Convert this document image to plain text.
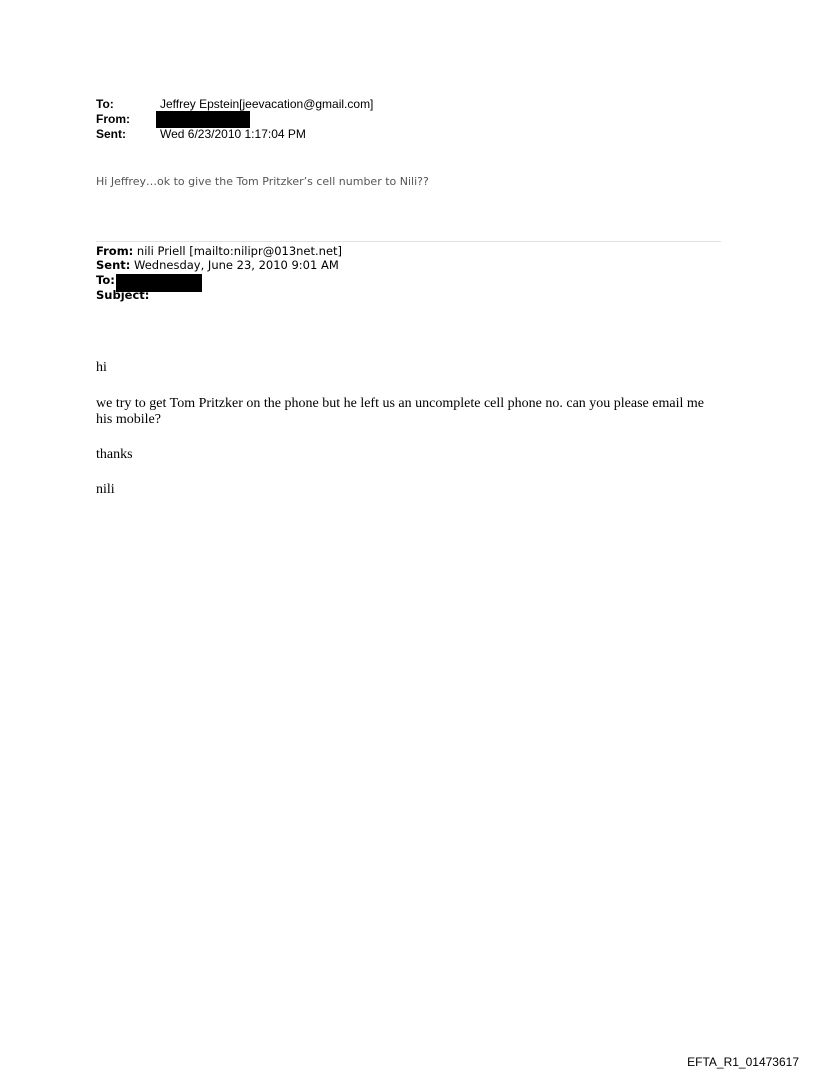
To:	Jeffrey Epstein[jeevacation@gmail.com]
From:
Sent:	Wed 6/23/2010 1:17:04 PM
Hi Jeffrey…ok to give the Tom Pritzker’s cell number to Nili??
From: nili Priell [mailto:nilipr@013net.net]
Sent: Wednesday, June 23, 2010 9:01 AM
To:
Subject:
hi
we try to get Tom Pritzker on the phone but he left us an uncomplete cell phone no. can you please email me his mobile?
thanks
nili
EFTA_R1_01473617
